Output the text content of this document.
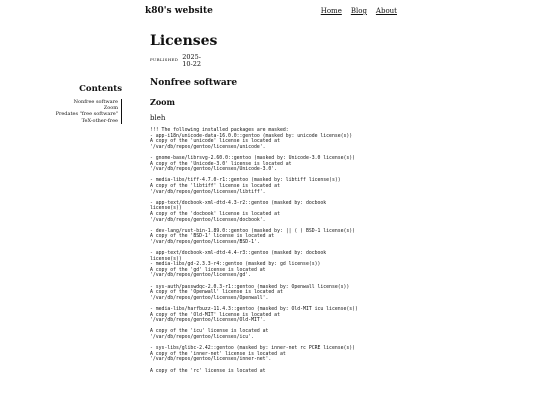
k80's website	Home Blog About
Licenses
PUBLISHED 2025-10-22
Contents
Nonfree software
Zoom
Predates "free software"
TeX-other-free
Nonfree software
Zoom

bleh

!!! The following installed packages are masked:
- app-i18n/unicode-data-16.0.0::gentoo (masked by: unicode license(s))
A copy of the 'unicode' license is located at
'/var/db/repos/gentoo/licenses/unicode'.

- gnome-base/librsvg-2.60.0::gentoo (masked by: Unicode-3.0 license(s))
A copy of the 'Unicode-3.0' license is located at
'/var/db/repos/gentoo/licenses/Unicode-3.0'.

- media-libs/tiff-4.7.0-r1::gentoo (masked by: libtiff license(s))
A copy of the 'libtiff' license is located at
'/var/db/repos/gentoo/licenses/libtiff'.

- app-text/docbook-xml-dtd-4.3-r2::gentoo (masked by: docbook
license(s))
A copy of the 'docbook' license is located at
'/var/db/repos/gentoo/licenses/docbook'.

- dev-lang/rust-bin-1.89.0::gentoo (masked by: || ( ) BSD-1 license(s))
A copy of the 'BSD-1' license is located at
'/var/db/repos/gentoo/licenses/BSD-1'.

- app-text/docbook-xml-dtd-4.4-r3::gentoo (masked by: docbook
license(s))
- media-libs/gd-2.3.3-r4::gentoo (masked by: gd license(s))
A copy of the 'gd' license is located at
'/var/db/repos/gentoo/licenses/gd'.

- sys-auth/passwdqc-2.0.3-r1::gentoo (masked by: Openwall license(s))
A copy of the 'Openwall' license is located at
'/var/db/repos/gentoo/licenses/Openwall'.

- media-libs/harfbuzz-11.4.3::gentoo (masked by: Old-MIT icu license(s))
A copy of the 'Old-MIT' license is located at
'/var/db/repos/gentoo/licenses/Old-MIT'.

A copy of the 'icu' license is located at
'/var/db/repos/gentoo/licenses/icu'.

- sys-libs/glibc-2.42::gentoo (masked by: inner-net rc PCRE license(s))
A copy of the 'inner-net' license is located at
'/var/db/repos/gentoo/licenses/inner-net'.

A copy of the 'rc' license is located at
